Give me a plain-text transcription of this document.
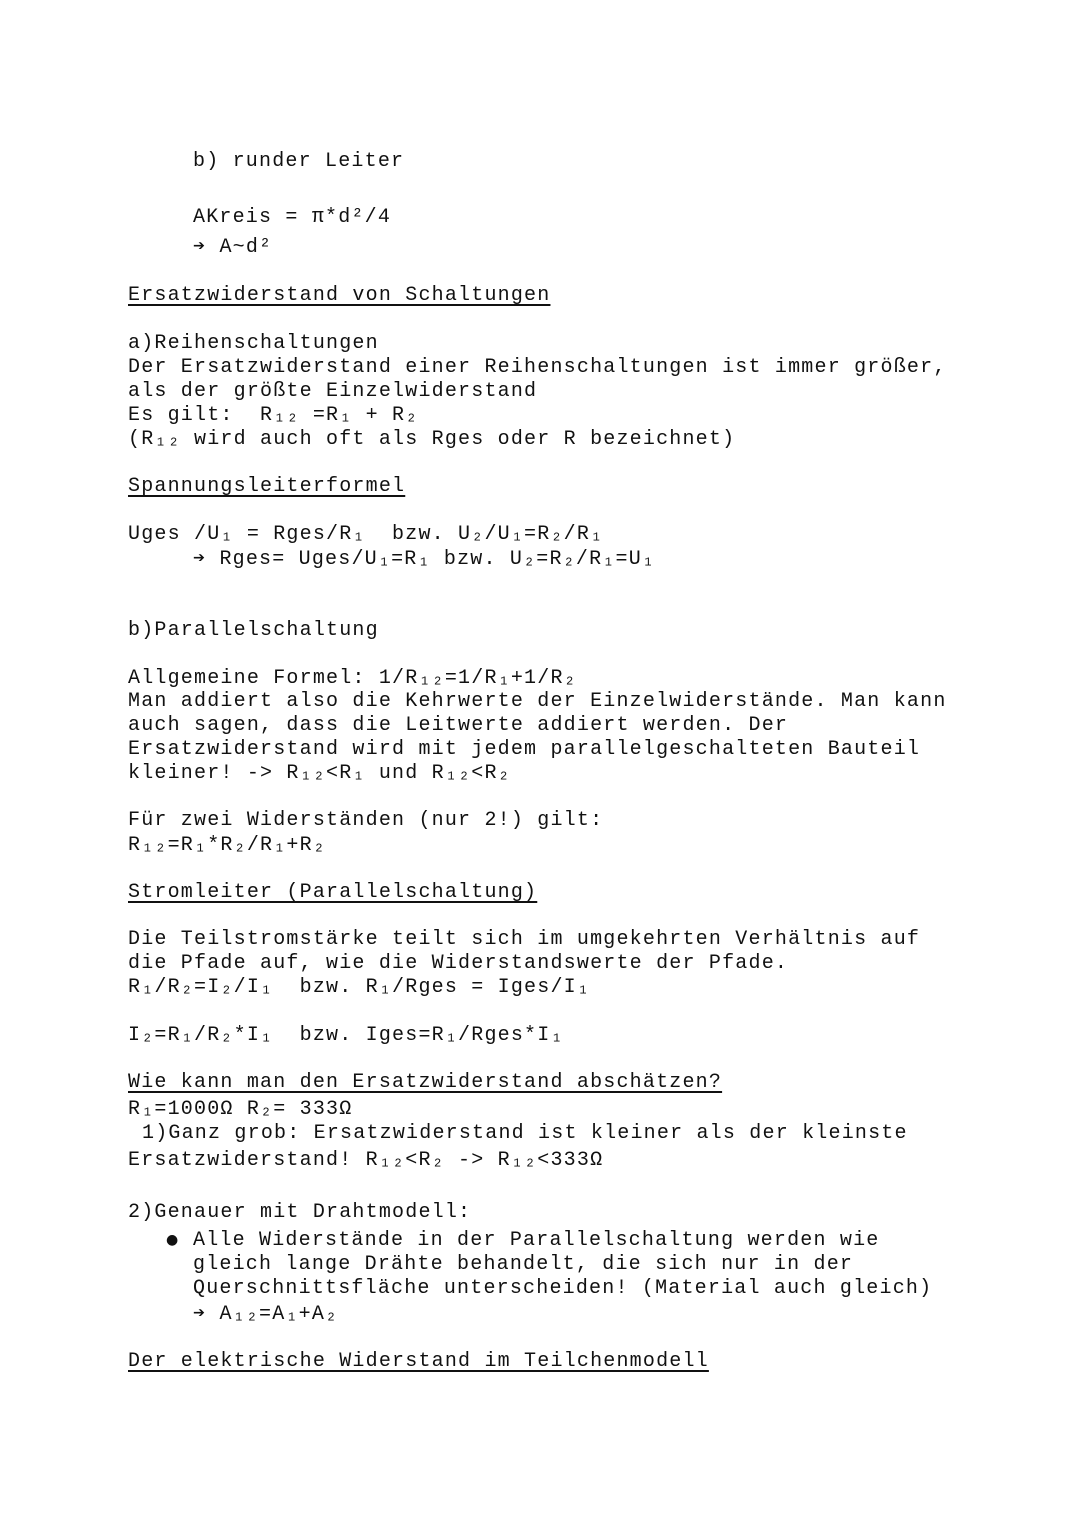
b) runder Leiter
AKreis = π*d²/4
➔ A~d²
Ersatzwiderstand von Schaltungen
a)Reihenschaltungen
Der Ersatzwiderstand einer Reihenschaltungen ist immer größer,
als der größte Einzelwiderstand
Es gilt:  R₁₂ =R₁ + R₂
(R₁₂ wird auch oft als Rges oder R bezeichnet)
Spannungsleiterformel
Uges /U₁ = Rges/R₁  bzw. U₂/U₁=R₂/R₁
➔ Rges= Uges/U₁=R₁ bzw. U₂=R₂/R₁=U₁
b)Parallelschaltung
Allgemeine Formel: 1/R₁₂=1/R₁+1/R₂
Man addiert also die Kehrwerte der Einzelwiderstände. Man kann
auch sagen, dass die Leitwerte addiert werden. Der
Ersatzwiderstand wird mit jedem parallelgeschalteten Bauteil
kleiner! -> R₁₂<R₁ und R₁₂<R₂
Für zwei Widerständen (nur 2!) gilt:
R₁₂=R₁*R₂/R₁+R₂
Stromleiter (Parallelschaltung)
Die Teilstromstärke teilt sich im umgekehrten Verhältnis auf
die Pfade auf, wie die Widerstandswerte der Pfade.
R₁/R₂=I₂/I₁  bzw. R₁/Rges = Iges/I₁
I₂=R₁/R₂*I₁  bzw. Iges=R₁/Rges*I₁
Wie kann man den Ersatzwiderstand abschätzen?
R₁=1000Ω R₂= 333Ω
1)Ganz grob: Ersatzwiderstand ist kleiner als der kleinste
Ersatzwiderstand! R₁₂<R₂ -> R₁₂<333Ω
2)Genauer mit Drahtmodell:
● Alle Widerstände in der Parallelschaltung werden wie
gleich lange Drähte behandelt, die sich nur in der
Querschnittsfläche unterscheiden! (Material auch gleich)
➔ A₁₂=A₁+A₂
Der elektrische Widerstand im Teilchenmodell
